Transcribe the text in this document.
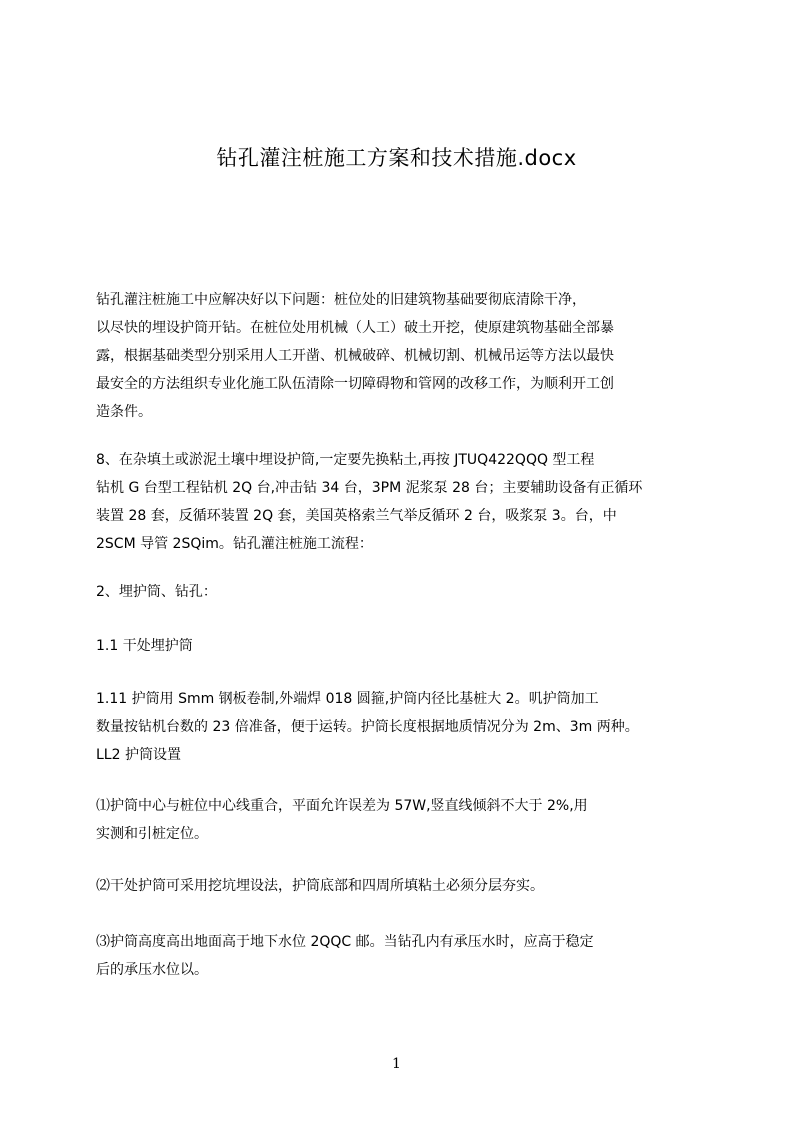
钻孔灌注桩施工方案和技术措施.docx
钻孔灌注桩施工中应解决好以下问题：桩位处的旧建筑物基础要彻底清除干净，
以尽快的埋设护筒开钻。在桩位处用机械（人工）破土开挖，使原建筑物基础全部暴
露，根据基础类型分别采用人工开凿、机械破碎、机械切割、机械吊运等方法以最快
最安全的方法组织专业化施工队伍清除一切障碍物和管网的改移工作，为顺利开工创
造条件。
8、在杂填土或淤泥土壤中埋设护筒,一定要先换粘土,再按 JTUQ422QQQ 型工程
钻机 G 台型工程钻机 2Q 台,冲击钻 34 台，3PM 泥浆泵 28 台；主要辅助设备有正循环
装置 28 套，反循环装置 2Q 套，美国英格索兰气举反循环 2 台，吸浆泵 3。台，中
2SCM 导管 2SQim。钻孔灌注桩施工流程：
2、埋护筒、钻孔：
1.1 干处埋护筒
1.11 护筒用 Smm 钢板卷制,外端焊 018 圆箍,护筒内径比基桩大 2。叽护筒加工
数量按钻机台数的 23 倍准备，便于运转。护筒长度根据地质情况分为 2m、3m 两种。
LL2 护筒设置
⑴护筒中心与桩位中心线重合，平面允许误差为 57W,竖直线倾斜不大于 2%,用
实测和引桩定位。
⑵干处护筒可采用挖坑埋设法，护筒底部和四周所填粘土必须分层夯实。
⑶护筒高度高出地面高于地下水位 2QQC 邮。当钻孔内有承压水时，应高于稳定
后的承压水位以。
1
